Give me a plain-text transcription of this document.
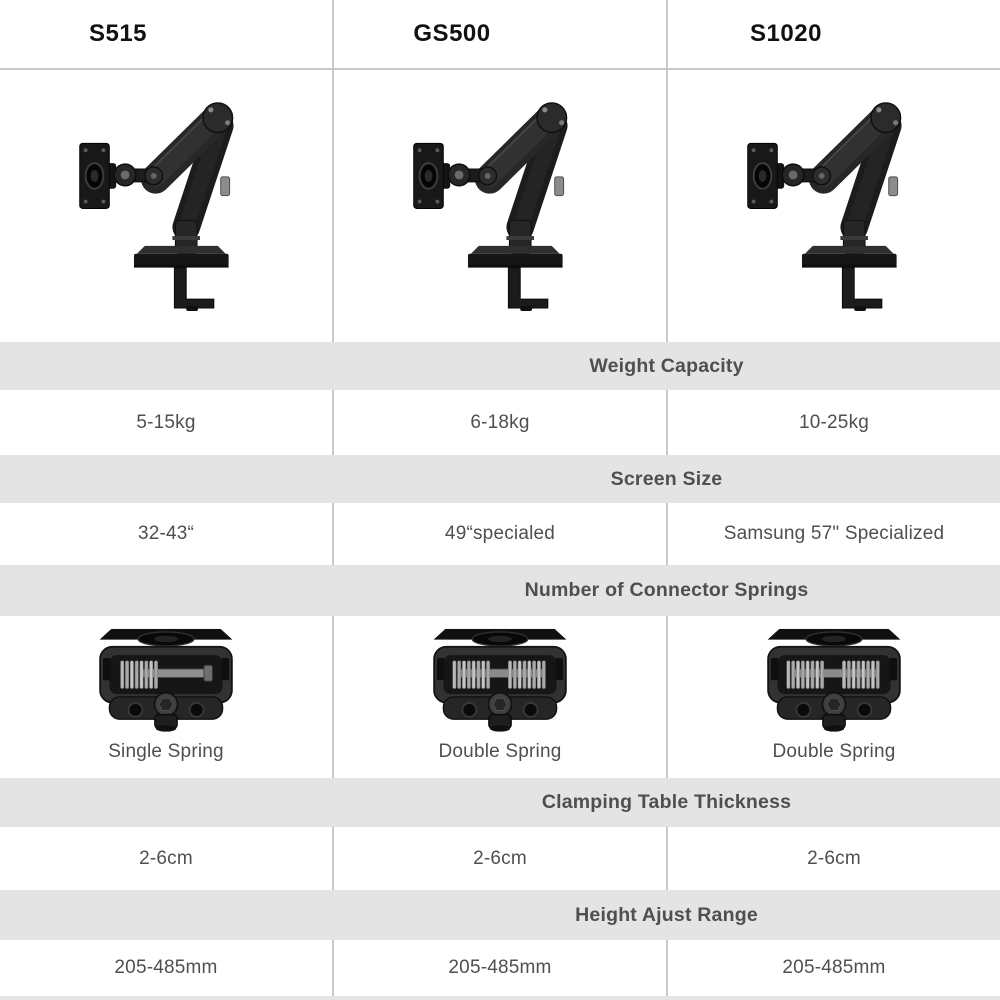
S515	GS500	S1020
Weight Capacity
5-15kg	6-18kg	10-25kg
Screen Size
32-43“	49“specialed	Samsung 57" Specialized
Number of Connector Springs
Single Spring	Double Spring	Double Spring
Clamping Table Thickness
2-6cm	2-6cm	2-6cm
Height Ajust Range
205-485mm	205-485mm	205-485mm
